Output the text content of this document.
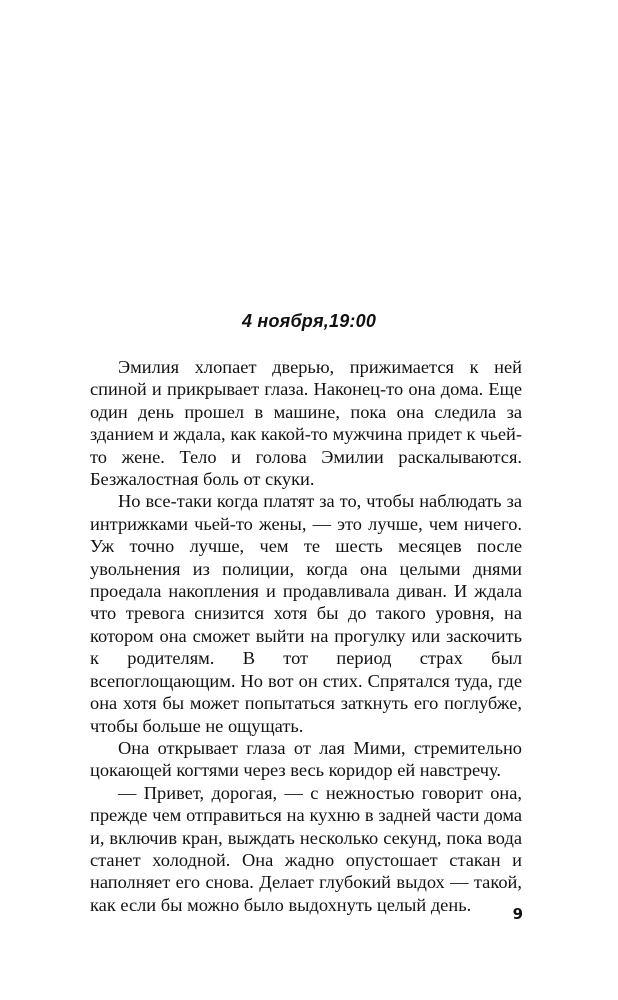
4 ноября,19:00

Эмилия хлопает дверью, прижимается к ней спиной и прикрывает глаза. Наконец-то она дома. Еще один день прошел в машине, пока она следила за зданием и ждала, как какой-то мужчина придет к чьей-то жене. Тело и голова Эмилии раскалываются. Безжалостная боль от скуки.

Но все-таки когда платят за то, чтобы наблюдать за интрижками чьей-то жены, — это лучше, чем ничего. Уж точно лучше, чем те шесть месяцев после увольнения из полиции, когда она целыми днями проедала накопления и продавливала диван. И ждала что тревога снизится хотя бы до такого уровня, на котором она сможет выйти на прогулку или заскочить к родителям. В тот период страх был всепоглощающим. Но вот он стих. Спрятался туда, где она хотя бы может попытаться заткнуть его поглубже, чтобы больше не ощущать.

Она открывает глаза от лая Мими, стремительно цокающей когтями через весь коридор ей навстречу.

— Привет, дорогая, — с нежностью говорит она, прежде чем отправиться на кухню в задней части дома и, включив кран, выждать несколько секунд, пока вода станет холодной. Она жадно опустошает стакан и наполняет его снова. Делает глубокий выдох — такой, как если бы можно было выдохнуть целый день.	9
